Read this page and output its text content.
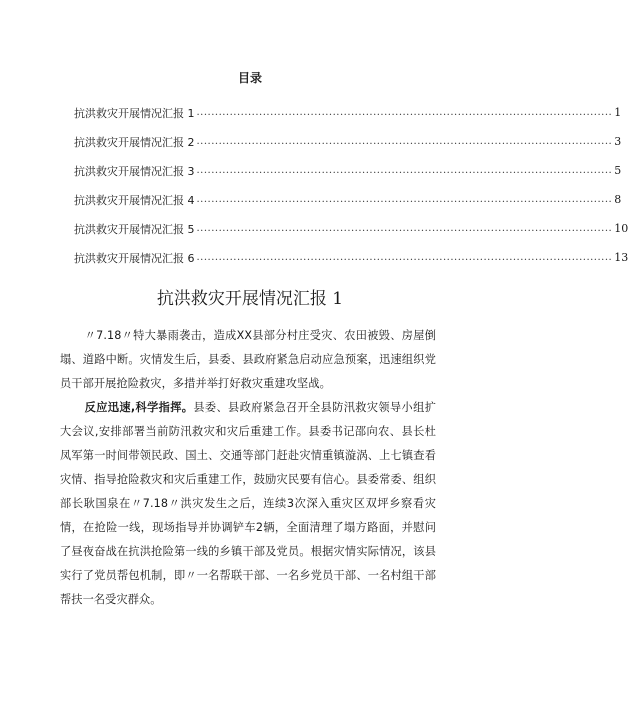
目录
抗洪救灾开展情况汇报 1 ................................................................................................................. 1
抗洪救灾开展情况汇报 2 ................................................................................................................. 3
抗洪救灾开展情况汇报 3 ................................................................................................................. 5
抗洪救灾开展情况汇报 4 ................................................................................................................. 8
抗洪救灾开展情况汇报 5 ................................................................................................................. 10
抗洪救灾开展情况汇报 6 ................................................................................................................. 13
抗洪救灾开展情况汇报 1

〃7.18〃特大暴雨袭击，造成XX县部分村庄受灾、农田被毁、房屋倒塌、道路中断。灾情发生后，县委、县政府紧急启动应急预案，迅速组织党员干部开展抢险救灾，多措并举打好救灾重建攻坚战。

反应迅速,科学指挥。县委、县政府紧急召开全县防汛救灾领导小组扩大会议,安排部署当前防汛救灾和灾后重建工作。县委书记邵向农、县长杜凤军第一时间带领民政、国土、交通等部门赶赴灾情重镇漩涡、上七镇查看灾情、指导抢险救灾和灾后重建工作，鼓励灾民要有信心。县委常委、组织部长耿国泉在〃7.18〃洪灾发生之后，连续3次深入重灾区双坪乡察看灾情，在抢险一线，现场指导并协调铲车2辆，全面清理了塌方路面，并慰问了昼夜奋战在抗洪抢险第一线的乡镇干部及党员。根据灾情实际情况，该县实行了党员帮包机制，即〃一名帮联干部、一名乡党员干部、一名村组干部帮扶一名受灾群众。
